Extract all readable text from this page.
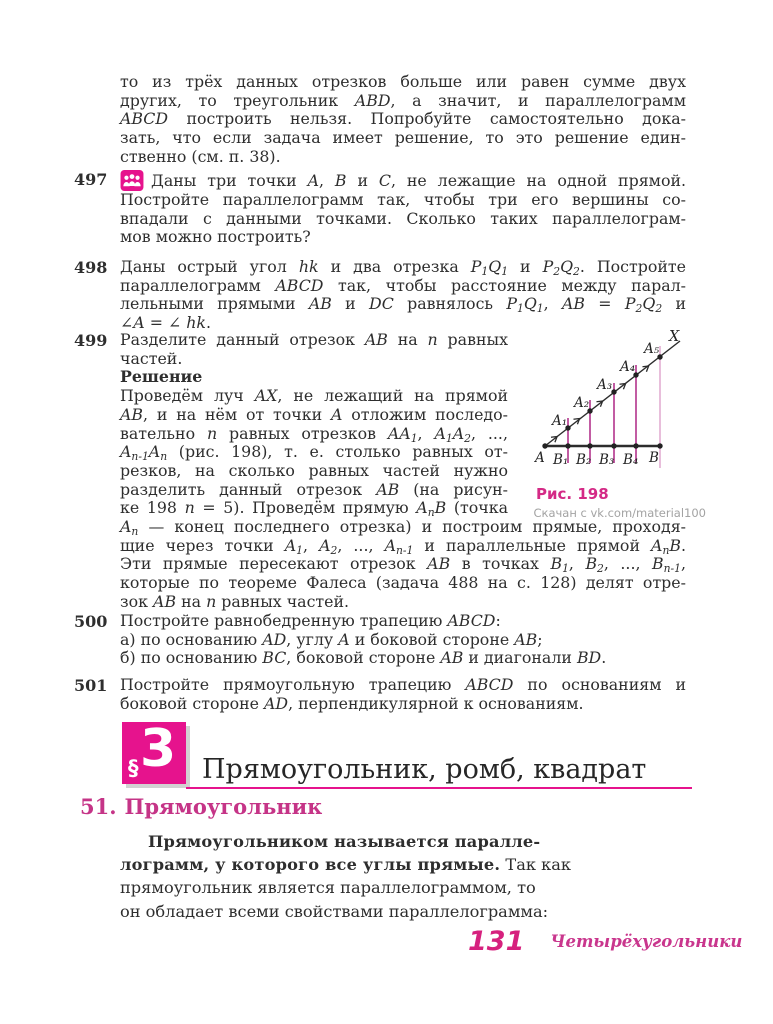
то из трёх данных отрезков больше или равен сумме двух
других, то треугольник ABD, а значит, и параллелограмм
ABCD построить нельзя. Попробуйте самостоятельно дока-
зать, что если задача имеет решение, то это решение един-
ственно (см. п. 38).
497	Даны три точки A, B и C, не лежащие на одной прямой.
Постройте параллелограмм так, чтобы три его вершины со-
впадали с данными точками. Сколько таких параллелограм-
мов можно построить?
498 Даны острый угол hk и два отрезка $P_1Q_1$ и $P_2Q_2$. Постройте
параллелограмм ABCD так, чтобы расстояние между парал-
лельными прямыми AB и DC равнялось $P_1Q_1$, AB = $P_2Q_2$ и
∠A = ∠ hk.
499
A B₁ B₂ B₃ B₄ B
A₁
A₂
A₃
A₄
A₅
X
Рис. 198
Скачан с vk.com/material100
Разделите данный отрезок AB на n равных
частей.
Решение
Проведём луч AX, не лежащий на прямой
AB, и на нём от точки A отложим последо-
вательно n равных отрезков $AA_1$, $A_1A_2$, ...,
$A_{n-1}A_n$ (рис. 198), т. е. столько равных от-
резков, на сколько равных частей нужно
разделить данный отрезок AB (на рисун-
ке 198 n = 5). Проведём прямую $A_nB$ (точка
$A_n$ — конец последнего отрезка) и построим прямые, проходя-
щие через точки $A_1$, $A_2$, ..., $A_{n-1}$ и параллельные прямой $A_nB$.
Эти прямые пересекают отрезок AB в точках $B_1$, $B_2$, ..., $B_{n-1}$,
которые по теореме Фалеса (задача 488 на с. 128) делят отре-
зок AB на n равных частей.
500 Постройте равнобедренную трапецию ABCD:
а) по основанию AD, углу A и боковой стороне AB;
б) по основанию BC, боковой стороне AB и диагонали BD.
501 Постройте прямоугольную трапецию ABCD по основаниям и
боковой стороне AD, перпендикулярной к основаниям.
§ 3 Прямоугольник, ромб, квадрат
51. Прямоугольник
Прямоугольником называется паралле-
лограмм, у которого все углы прямые. Так как
прямоугольник является параллелограммом, то
он обладает всеми свойствами параллелограмма:
131 Четырёхугольники
